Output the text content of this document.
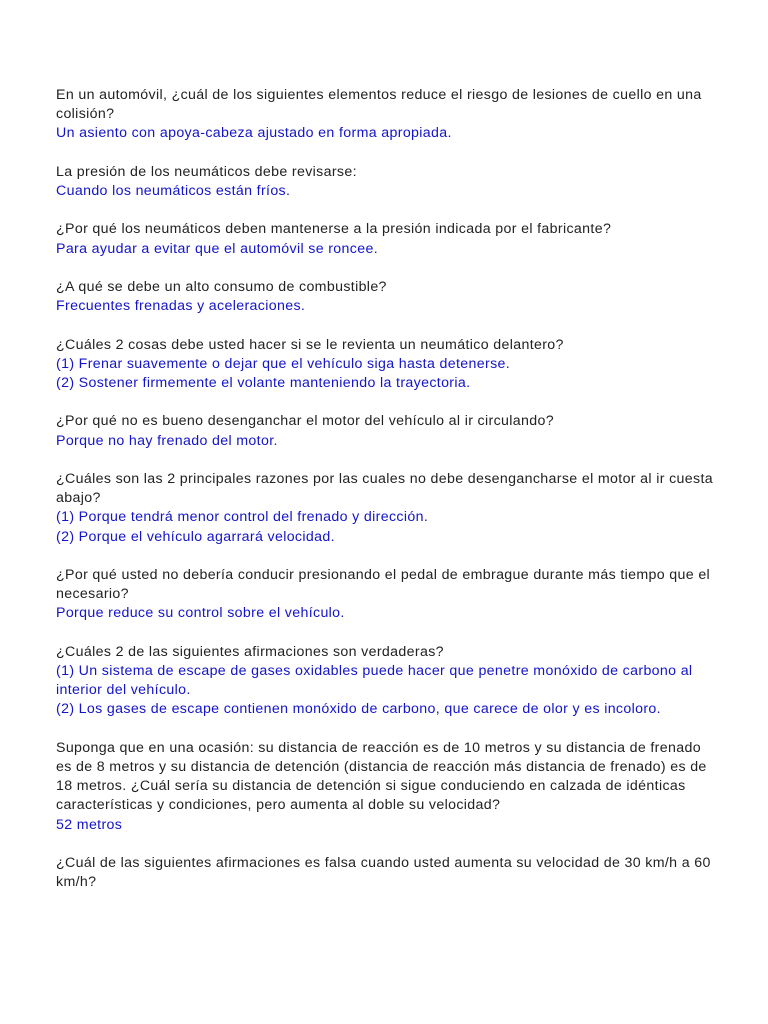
En un automóvil, ¿cuál de los siguientes elementos reduce el riesgo de lesiones de cuello en una colisión?

Un asiento con apoya-cabeza ajustado en forma apropiada.

La presión de los neumáticos debe revisarse:

Cuando los neumáticos están fríos.

¿Por qué los neumáticos deben mantenerse a la presión indicada por el fabricante?

Para ayudar a evitar que el automóvil se roncee.

¿A qué se debe un alto consumo de combustible?

Frecuentes frenadas y aceleraciones.

¿Cuáles 2 cosas debe usted hacer si se le revienta un neumático delantero?

(1) Frenar suavemente o dejar que el vehículo siga hasta detenerse.

(2) Sostener firmemente el volante manteniendo la trayectoria.

¿Por qué no es bueno desenganchar el motor del vehículo al ir circulando?

Porque no hay frenado del motor.

¿Cuáles son las 2 principales razones por las cuales no debe desengancharse el motor al ir cuesta abajo?

(1) Porque tendrá menor control del frenado y dirección.

(2) Porque el vehículo agarrará velocidad.

¿Por qué usted no debería conducir presionando el pedal de embrague durante más tiempo que el necesario?

Porque reduce su control sobre el vehículo.

¿Cuáles 2 de las siguientes afirmaciones son verdaderas?

(1) Un sistema de escape de gases oxidables puede hacer que penetre monóxido de carbono al interior del vehículo.

(2) Los gases de escape contienen monóxido de carbono, que carece de olor y es incoloro.

Suponga que en una ocasión: su distancia de reacción es de 10 metros y su distancia de frenado es de 8 metros y su distancia de detención (distancia de reacción más distancia de frenado) es de 18 metros. ¿Cuál sería su distancia de detención si sigue conduciendo en calzada de idénticas características y condiciones, pero aumenta al doble su velocidad?

52 metros

¿Cuál de las siguientes afirmaciones es falsa cuando usted aumenta su velocidad de 30 km/h a 60 km/h?
